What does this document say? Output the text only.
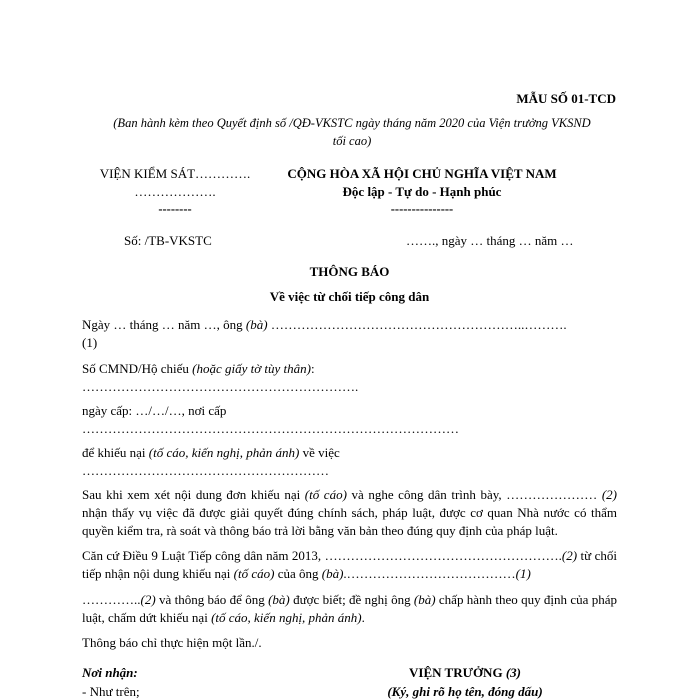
MẪU SỐ 01-TCD
(Ban hành kèm theo Quyết định số /QĐ-VKSTC ngày tháng năm 2020 của Viện trưởng VKSND
tối cao)
VIỆN KIỂM SÁT………….
……………….
--------
Số: /TB-VKSTC
CỘNG HÒA XÃ HỘI CHỦ NGHĨA VIỆT NAM
Độc lập - Tự do - Hạnh phúc
---------------
……., ngày … tháng … năm …
THÔNG BÁO
Về việc từ chối tiếp công dân
Ngày … tháng … năm …, ông (bà) …………………………………………………..……….
(1)
Số CMND/Hộ chiếu (hoặc giấy tờ tùy thân):
……………………………………………………….
ngày cấp: …/…/…, nơi cấp
……………………………………………………………………………
để khiếu nại (tố cáo, kiến nghị, phản ánh) về việc
…………………………………………………
Sau khi xem xét nội dung đơn khiếu nại (tố cáo) và nghe công dân trình bày, ………………… (2) nhận thấy vụ việc đã được giải quyết đúng chính sách, pháp luật, được cơ quan Nhà nước có thẩm quyền kiểm tra, rà soát và thông báo trả lời bằng văn bản theo đúng quy định của pháp luật.
Căn cứ Điều 9 Luật Tiếp công dân năm 2013, ……………………………………………….(2) từ chối tiếp nhận nội dung khiếu nại (tố cáo) của ông (bà).…………………………………(1)
…………..(2) và thông báo để ông (bà) được biết; đề nghị ông (bà) chấp hành theo quy định của pháp luật, chấm dứt khiếu nại (tố cáo, kiến nghị, phản ánh).
Thông báo chỉ thực hiện một lần./.
Nơi nhận:
- Như trên;
VIỆN TRƯỞNG (3)
(Ký, ghi rõ họ tên, đóng dấu)
